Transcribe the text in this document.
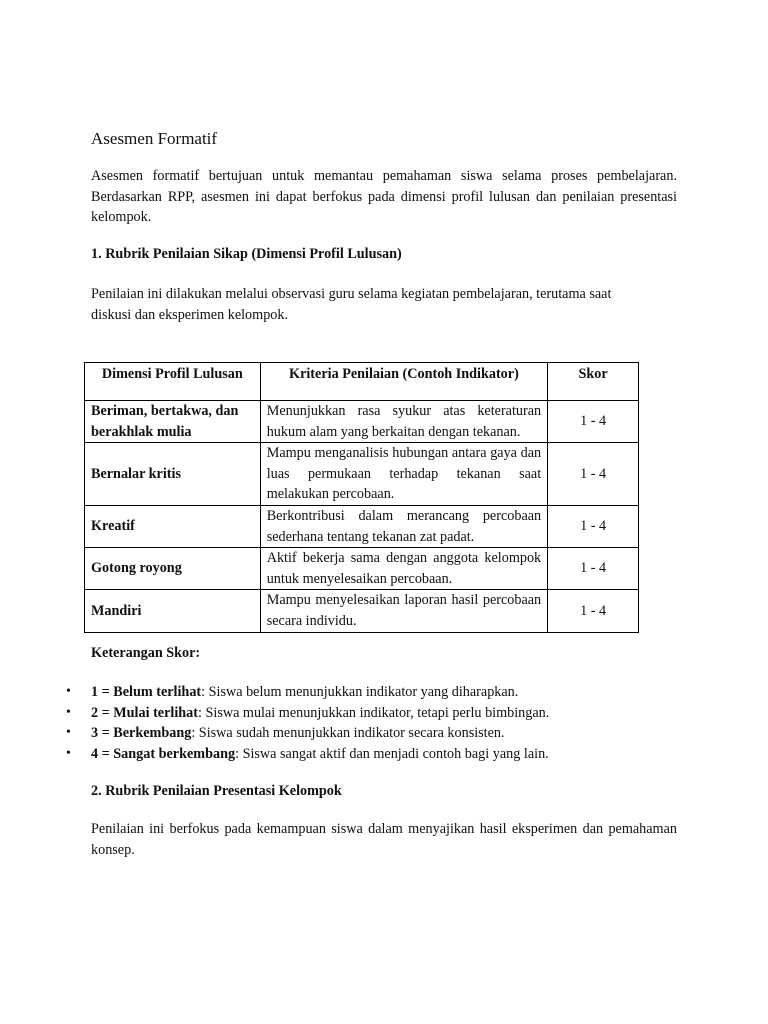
Asesmen Formatif

Asesmen formatif bertujuan untuk memantau pemahaman siswa selama proses pembelajaran. Berdasarkan RPP, asesmen ini dapat berfokus pada dimensi profil lulusan dan penilaian presentasi kelompok.

1. Rubrik Penilaian Sikap (Dimensi Profil Lulusan)

Penilaian ini dilakukan melalui observasi guru selama kegiatan pembelajaran, terutama saat diskusi dan eksperimen kelompok.

Dimensi Profil Lulusan	Kriteria Penilaian (Contoh Indikator)	Skor
Beriman, bertakwa, dan berakhlak mulia	Menunjukkan rasa syukur atas keteraturan hukum alam yang berkaitan dengan tekanan.	1 - 4
Bernalar kritis	Mampu menganalisis hubungan antara gaya dan luas permukaan terhadap tekanan saat melakukan percobaan.	1 - 4
Kreatif	Berkontribusi dalam merancang percobaan sederhana tentang tekanan zat padat.	1 - 4
Gotong royong	Aktif bekerja sama dengan anggota kelompok untuk menyelesaikan percobaan.	1 - 4
Mandiri	Mampu menyelesaikan laporan hasil percobaan secara individu.	1 - 4

Keterangan Skor:

• 1 = Belum terlihat: Siswa belum menunjukkan indikator yang diharapkan.
• 2 = Mulai terlihat: Siswa mulai menunjukkan indikator, tetapi perlu bimbingan.
• 3 = Berkembang: Siswa sudah menunjukkan indikator secara konsisten.
• 4 = Sangat berkembang: Siswa sangat aktif dan menjadi contoh bagi yang lain.

2. Rubrik Penilaian Presentasi Kelompok

Penilaian ini berfokus pada kemampuan siswa dalam menyajikan hasil eksperimen dan pemahaman konsep.
